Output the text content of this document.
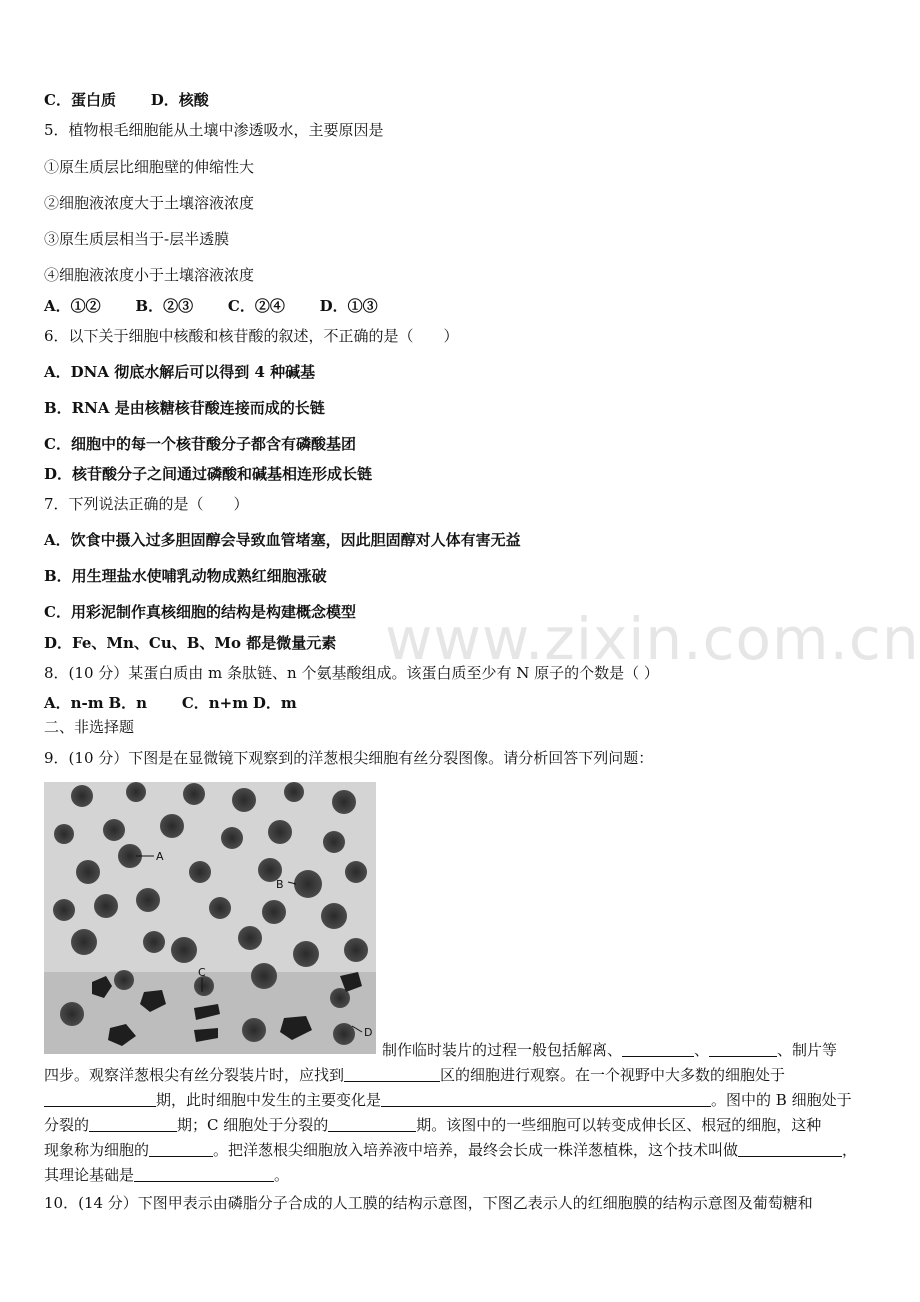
www.zixin.com.cn
C．蛋白质 D．核酸
5．植物根毛细胞能从土壤中渗透吸水，主要原因是
①原生质层比细胞壁的伸缩性大
②细胞液浓度大于土壤溶液浓度
③原生质层相当于-层半透膜
④细胞液浓度小于土壤溶液浓度
A．①② B．②③ C．②④ D．①③
6．以下关于细胞中核酸和核苷酸的叙述，不正确的是（　　）
A．DNA 彻底水解后可以得到 4 种碱基
B．RNA 是由核糖核苷酸连接而成的长链
C．细胞中的每一个核苷酸分子都含有磷酸基团
D．核苷酸分子之间通过磷酸和碱基相连形成长链
7．下列说法正确的是（　　）
A．饮食中摄入过多胆固醇会导致血管堵塞，因此胆固醇对人体有害无益
B．用生理盐水使哺乳动物成熟红细胞涨破
C．用彩泥制作真核细胞的结构是构建概念模型
D．Fe、Mn、Cu、B、Mo 都是微量元素
8．(10 分）某蛋白质由 m 条肽链、n 个氨基酸组成。该蛋白质至少有 N 原子的个数是（ ）
A．n-m B．n C．n+m D．m
二、非选择题
9．(10 分）下图是在显微镜下观察到的洋葱根尖细胞有丝分裂图像。请分析回答下列问题：
A
B
C
D
制作临时装片的过程一般包括解离、	、	、制片等
四步。观察洋葱根尖有丝分裂装片时，应找到	区的细胞进行观察。在一个视野中大多数的细胞处于
期，此时细胞中发生的主要变化是	。图中的 B 细胞处于
分裂的	期；C 细胞处于分裂的	期。该图中的一些细胞可以转变成伸长区、根冠的细胞，这种
现象称为细胞的	。把洋葱根尖细胞放入培养液中培养，最终会长成一株洋葱植株，这个技术叫做	，
其理论基础是	。
10．(14 分）下图甲表示由磷脂分子合成的人工膜的结构示意图，下图乙表示人的红细胞膜的结构示意图及葡萄糖和
